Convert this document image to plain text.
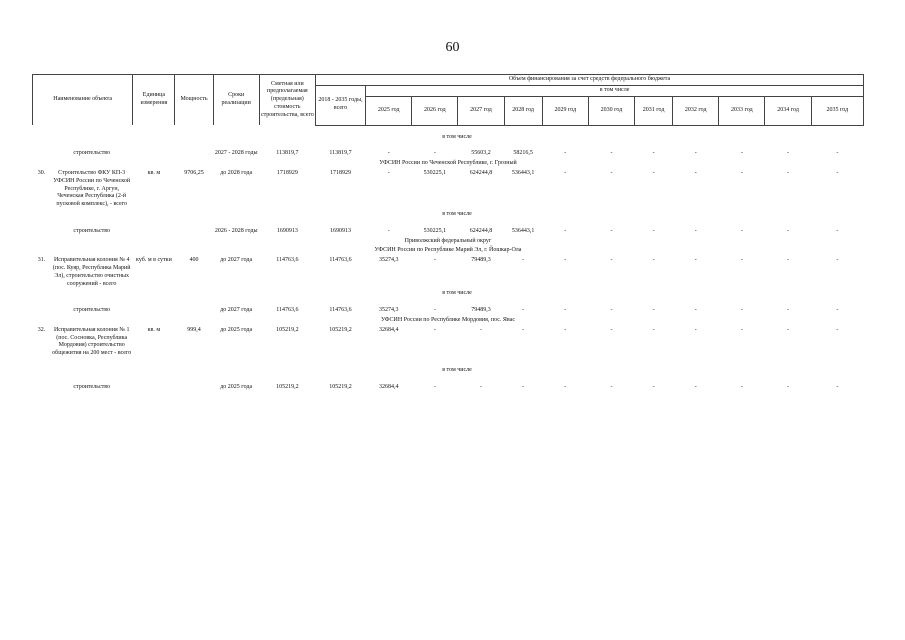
60
Наименование объекта		Единица измерения	Мощность	Сроки реализации	Сметная или предполагаемая (предельная) стоимость строительства, всего	Объем финансирования за счет средств федерального бюджета											
						2018 - 2035 годы, всего	в том числе										
							2025 год	2026 год	2027 год	2028 год	2029 год	2030 год	2031 год	2032 год	2033 год	2034 год	2035 год

	в том числе																

	строительство			2027 - 2028 годы	113819,7	113819,7	-	-	55603,2	58216,5	-	-	-	-	-	-	-
УФСИН России по Чеченской Республике, г. Грозный																	
30.	Строительство ФКУ КП-3 УФСИН России по Чеченской Республике, г. Аргун, Чеченская Республика (2-й пусковой комплекс), - всего	кв. м	9706,25	до 2028 года	1718929	1718929	-	530225,1	624244,8	536443,1	-	-	-	-	-	-	-
	в том числе																

	строительство			2026 - 2028 годы	1690913	1690913	-	530225,1	624244,8	536443,1	-	-	-	-	-	-	-
Приволжский федеральный округ																	
УФСИН России по Республике Марий Эл, г. Йошкар-Ола																	
31.	Исправительная колония № 4 (пос. Куяр, Республика Марий Эл), строительство очистных сооружений - всего	куб. м в сутки	400	до 2027 года	114763,6	114763,6	35274,3	-	79489,3	-	-	-	-	-	-	-	-
	в том числе																

	строительство			до 2027 года	114763,6	114763,6	35274,3	-	79489,3	-	-	-	-	-	-	-	-
УФСИН России по Республике Мордовия, пос. Явас																	
32.	Исправительная колония № 1 (пос. Сосновка, Республика Мордовия) строительство общежития на 200 мест - всего	кв. м	999,4	до 2025 года	105219,2	105219,2	32684,4	-	-	-	-	-	-	-	-	-	-

	в том числе																

	строительство			до 2025 года	105219,2	105219,2	32684,4	-	-	-	-	-	-	-	-	-	-
